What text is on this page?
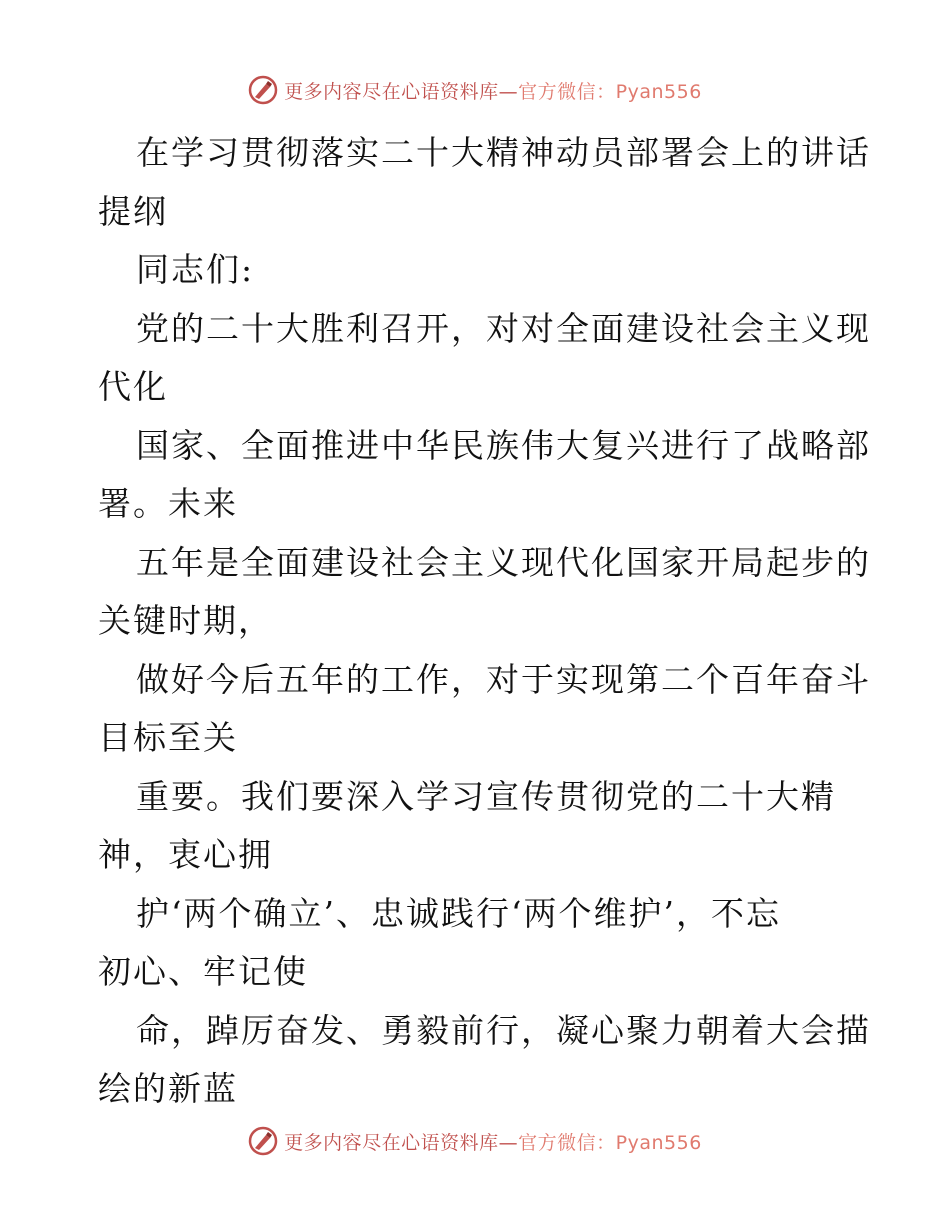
更多内容尽在心语资料库—官方微信：Pyan556
在学习贯彻落实二十大精神动员部署会上的讲话
提纲
同志们:
党的二十大胜利召开，对对全面建设社会主义现
代化
国家、全面推进中华民族伟大复兴进行了战略部
署。未来
五年是全面建设社会主义现代化国家开局起步的
关键时期，
做好今后五年的工作，对于实现第二个百年奋斗
目标至关
重要。我们要深入学习宣传贯彻党的二十大精
神，衷心拥
护‘两个确立’、忠诚践行‘两个维护’，不忘
初心、牢记使
命，踔厉奋发、勇毅前行，凝心聚力朝着大会描
绘的新蓝
更多内容尽在心语资料库—官方微信：Pyan556
